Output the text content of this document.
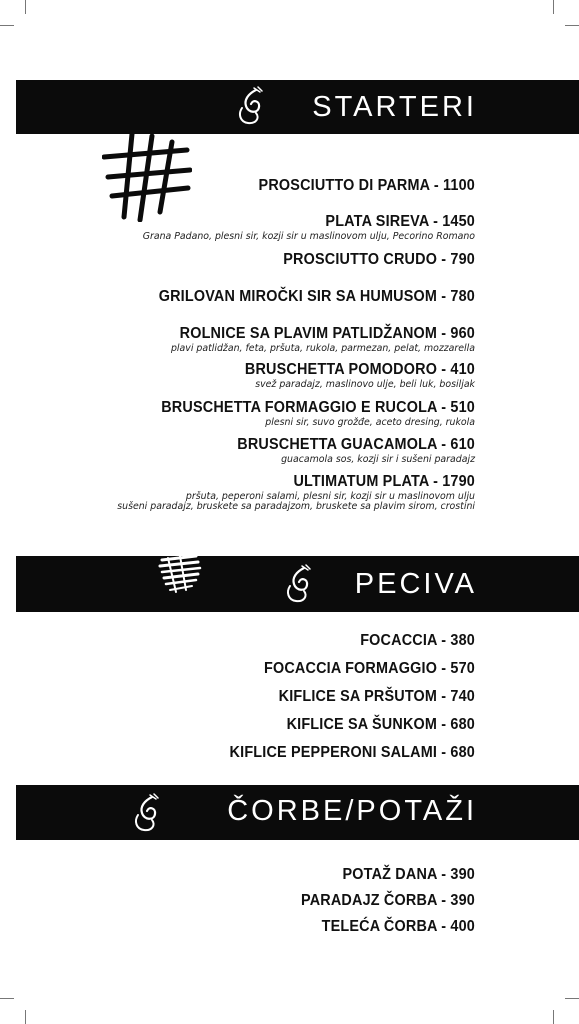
STARTERI
PROSCIUTTO DI PARMA - 1100
PLATA SIREVA - 1450
Grana Padano, plesni sir, kozji sir u maslinovom ulju, Pecorino Romano
PROSCIUTTO CRUDO - 790
GRILOVAN MIROČKI SIR SA HUMUSOM - 780
ROLNICE SA PLAVIM PATLIDŽANOM - 960
plavi patlidžan, feta, pršuta, rukola, parmezan, pelat, mozzarella
BRUSCHETTA POMODORO - 410
svež paradajz, maslinovo ulje, beli luk, bosiljak
BRUSCHETTA FORMAGGIO E RUCOLA - 510
plesni sir, suvo grožđe, aceto dresing, rukola
BRUSCHETTA GUACAMOLA - 610
guacamola sos, kozji sir i sušeni paradajz
ULTIMATUM PLATA - 1790
pršuta, peperoni salami, plesni sir, kozji sir u maslinovom ulju
sušeni paradajz, bruskete sa paradajzom, bruskete sa plavim sirom, crostini
PECIVA
FOCACCIA - 380
FOCACCIA FORMAGGIO - 570
KIFLICE SA PRŠUTOM - 740
KIFLICE SA ŠUNKOM - 680
KIFLICE PEPPERONI SALAMI - 680
ČORBE/POTAŽI
POTAŽ DANA - 390
PARADAJZ ČORBA - 390
TELEĆA ČORBA - 400
